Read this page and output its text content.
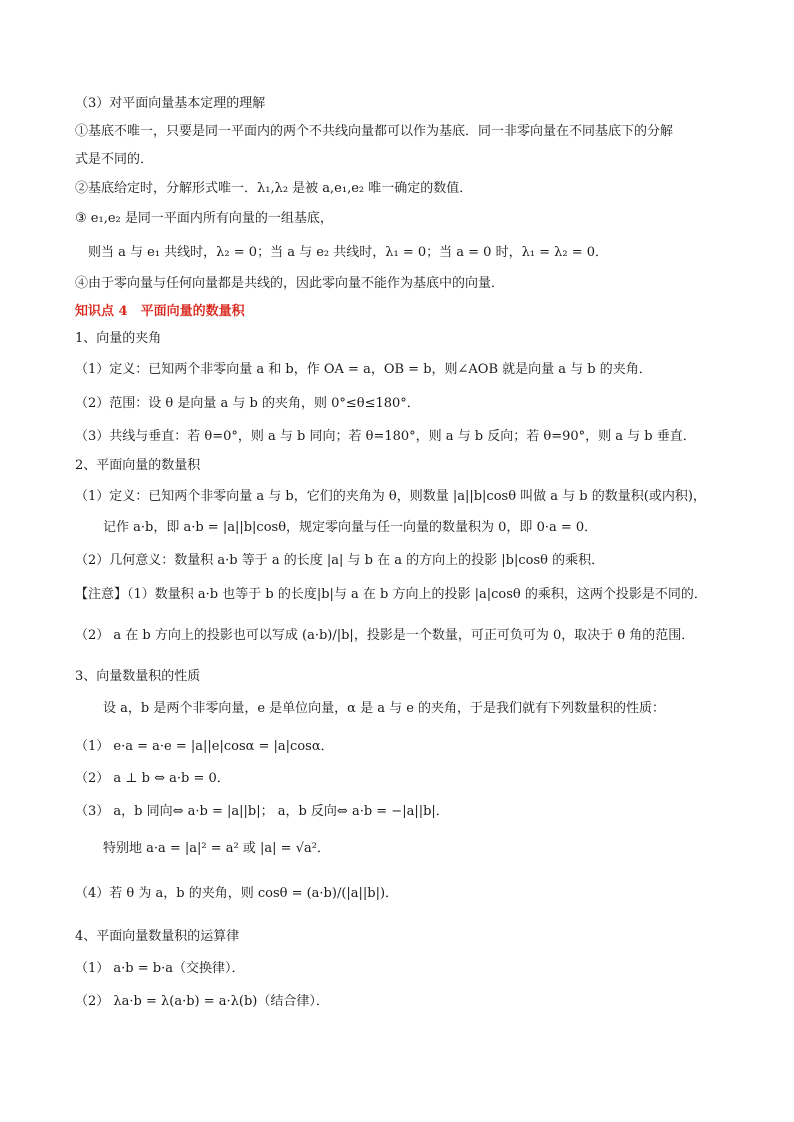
（3）对平面向量基本定理的理解
①基底不唯一，只要是同一平面内的两个不共线向量都可以作为基底．同一非零向量在不同基底下的分解
式是不同的．
②基底给定时，分解形式唯一．λ₁,λ₂ 是被 a,e₁,e₂ 唯一确定的数值．
③ e₁,e₂ 是同一平面内所有向量的一组基底，
则当 a 与 e₁ 共线时，λ₂ = 0；当 a 与 e₂ 共线时，λ₁ = 0；当 a = 0 时，λ₁ = λ₂ = 0．
④由于零向量与任何向量都是共线的，因此零向量不能作为基底中的向量．
知识点 4　平面向量的数量积
1、向量的夹角
（1）定义：已知两个非零向量 a 和 b，作 OA = a，OB = b，则∠AOB 就是向量 a 与 b 的夹角．
（2）范围：设 θ 是向量 a 与 b 的夹角，则 0°≤θ≤180°．
（3）共线与垂直：若 θ=0°，则 a 与 b 同向；若 θ=180°，则 a 与 b 反向；若 θ=90°，则 a 与 b 垂直．
2、平面向量的数量积
（1）定义：已知两个非零向量 a 与 b，它们的夹角为 θ，则数量 |a||b|cosθ 叫做 a 与 b 的数量积(或内积)，
记作 a·b，即 a·b = |a||b|cosθ，规定零向量与任一向量的数量积为 0，即 0·a = 0．
（2）几何意义：数量积 a·b 等于 a 的长度 |a| 与 b 在 a 的方向上的投影 |b|cosθ 的乘积．
【注意】（1）数量积 a·b 也等于 b 的长度|b|与 a 在 b 方向上的投影 |a|cosθ 的乘积，这两个投影是不同的．
（2） a 在 b 方向上的投影也可以写成 (a·b)/|b|，投影是一个数量，可正可负可为 0，取决于 θ 角的范围．
3、向量数量积的性质
设 a，b 是两个非零向量，e 是单位向量，α 是 a 与 e 的夹角，于是我们就有下列数量积的性质：
（1） e·a = a·e = |a||e|cosα = |a|cosα．
（2） a ⊥ b ⇔ a·b = 0．
（3） a，b 同向⇔ a·b = |a||b|； a，b 反向⇔ a·b = −|a||b|．
特别地 a·a = |a|² = a² 或 |a| = √a²．
（4）若 θ 为 a，b 的夹角，则 cosθ = (a·b)/(|a||b|)．
4、平面向量数量积的运算律
（1） a·b = b·a（交换律）．
（2） λa·b = λ(a·b) = a·λ(b)（结合律）．
